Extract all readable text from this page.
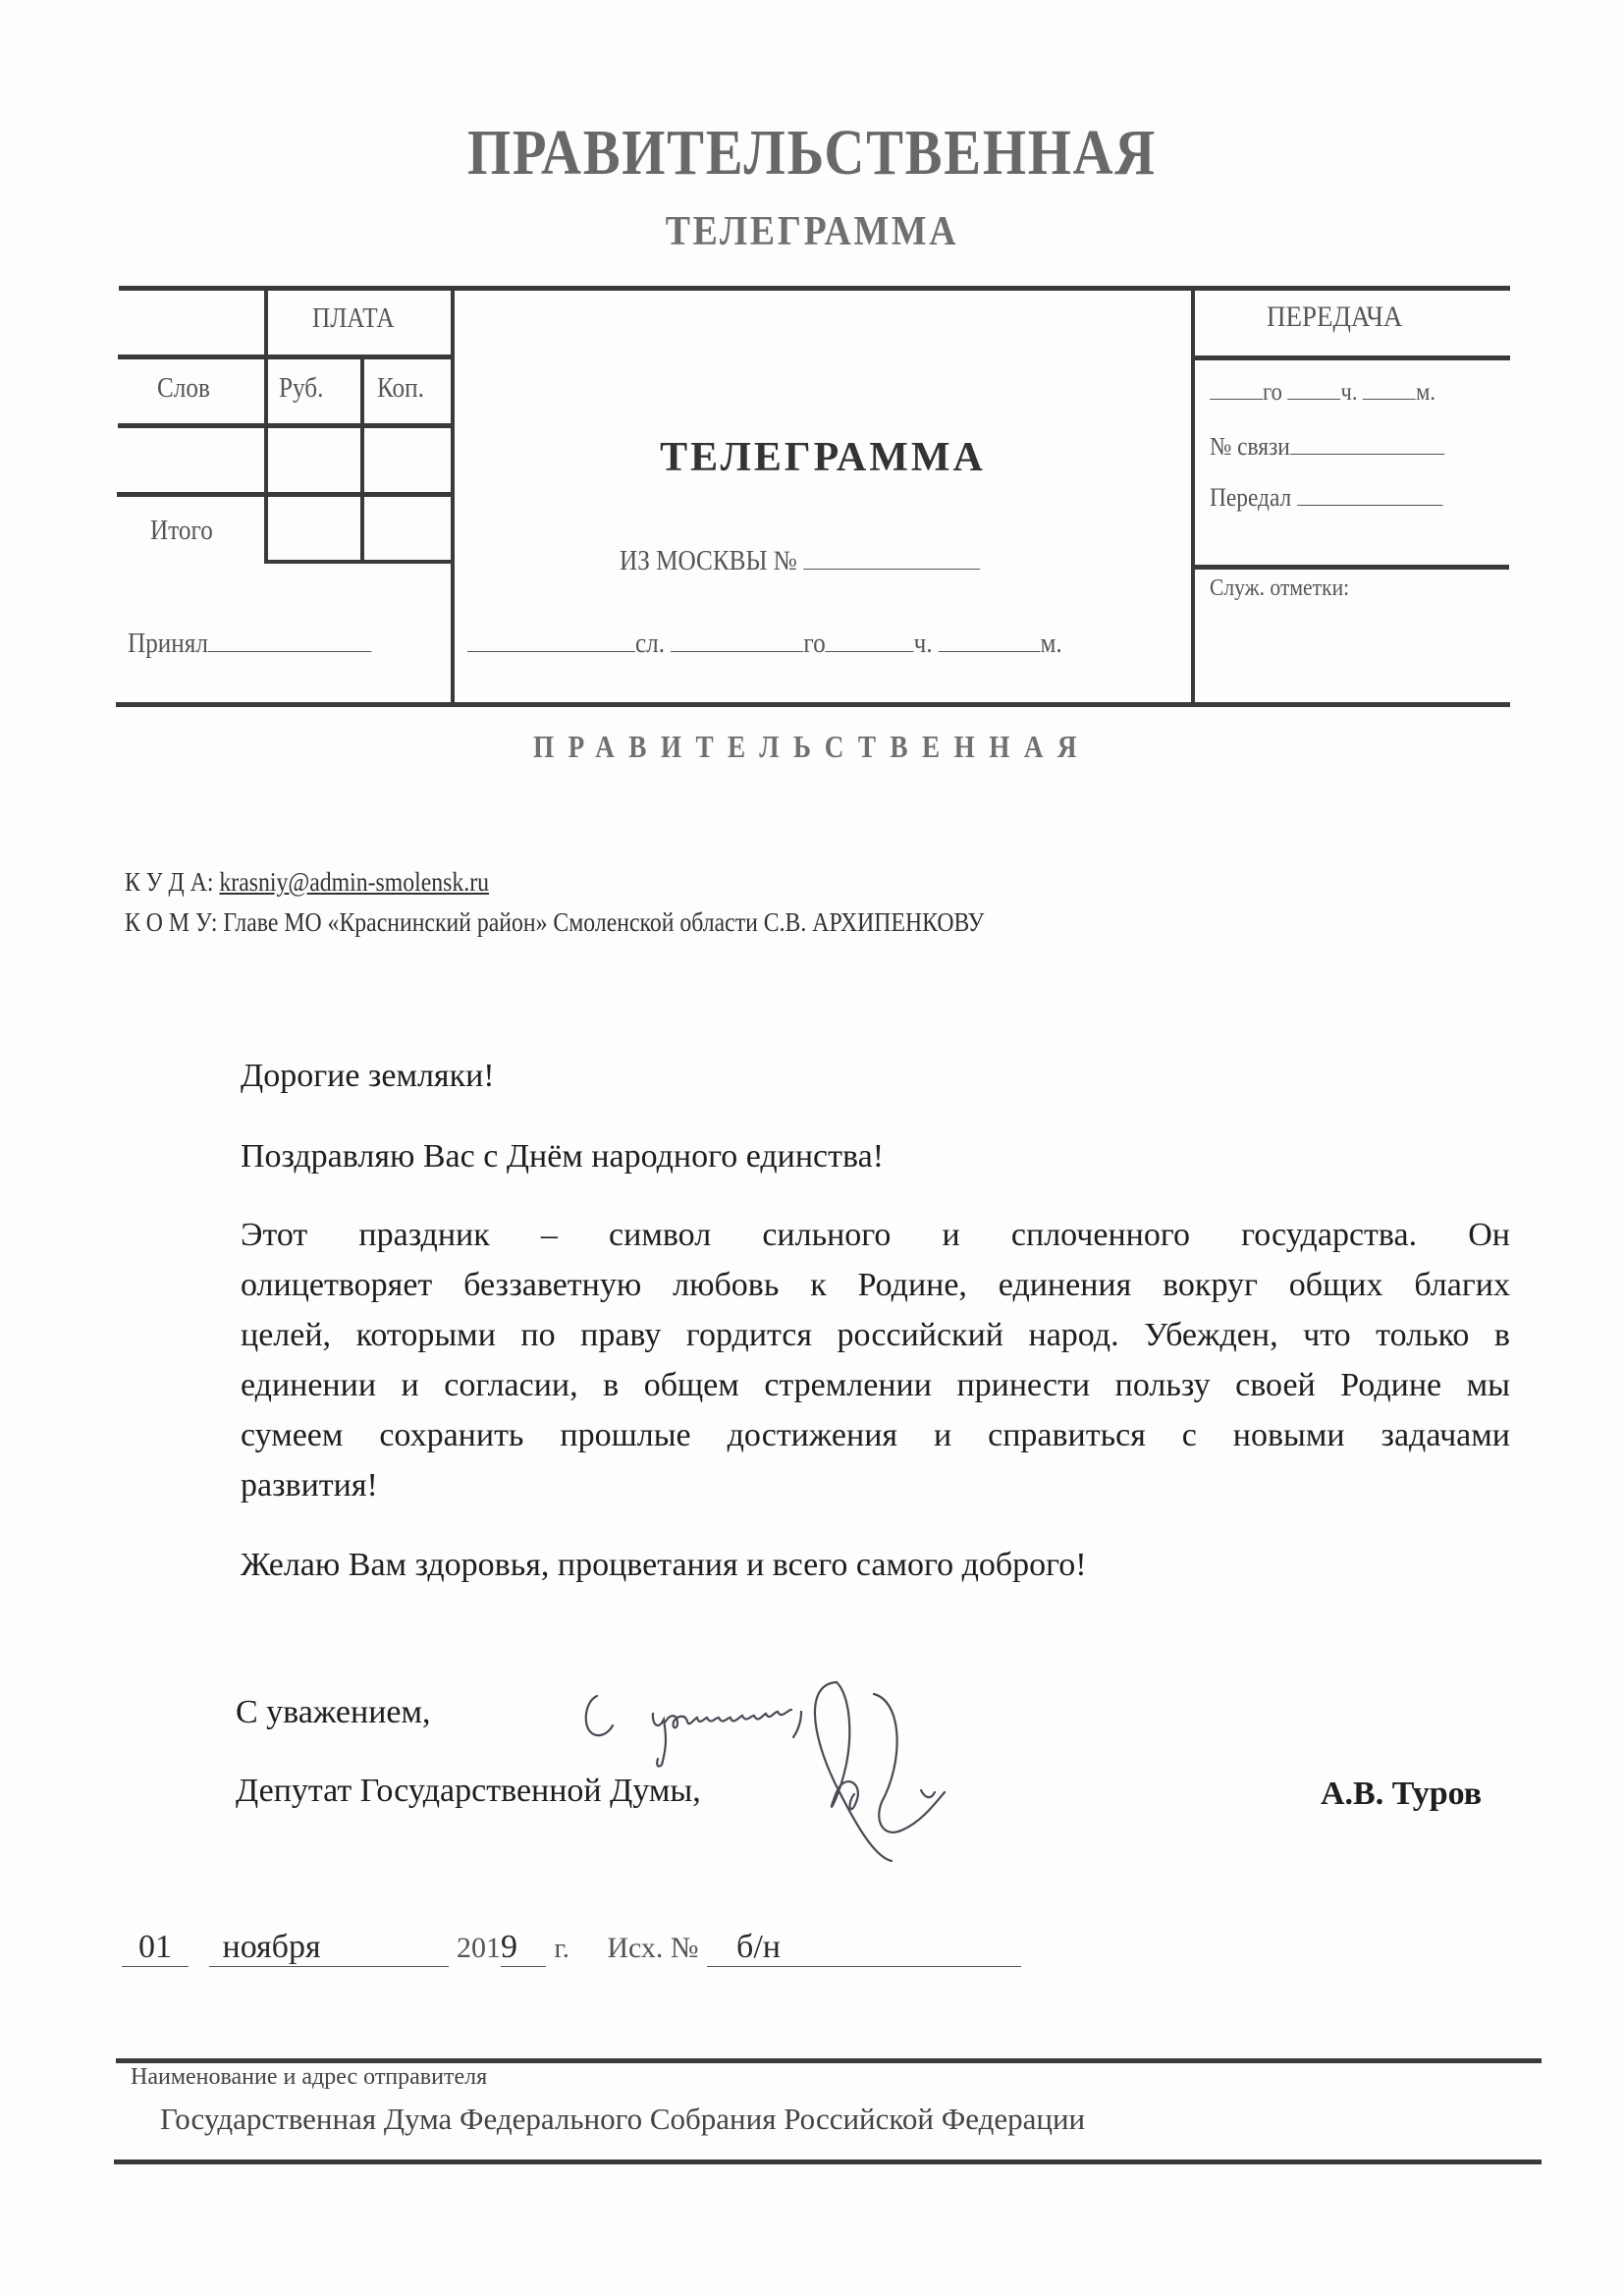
ПРАВИТЕЛЬСТВЕННАЯ
ТЕЛЕГРАММА
ПЛАТА
Слов	Руб. Коп.
Итого
Принял
ТЕЛЕГРАММА
ИЗ МОСКВЫ №
сл.	го	ч.	м.
ПЕРЕДАЧА
го ч. м.
№ связи
Передал
Служ. отметки:
ПРАВИТЕЛЬСТВЕННАЯ
К У Д А: krasniy@admin-smolensk.ru
К О М У: Главе МО «Краснинский район» Смоленской области С.В. АРХИПЕНКОВУ
Дорогие земляки!
Поздравляю Вас с Днём народного единства!
Этот праздник – символ сильного и сплоченного государства. Он
олицетворяет беззаветную любовь к Родине, единения вокруг общих благих
целей, которыми по праву гордится российский народ. Убежден, что только в
единении и согласии, в общем стремлении принести пользу своей Родине мы
сумеем сохранить прошлые достижения и справиться с новыми задачами
развития!
Желаю Вам здоровья, процветания и всего самого доброго!
С уважением,
Депутат Государственной Думы,	А.В. Туров
01 ноября	2019 г. Исх. № б/н
Наименование и адрес отправителя
Государственная Дума Федерального Собрания Российской Федерации
